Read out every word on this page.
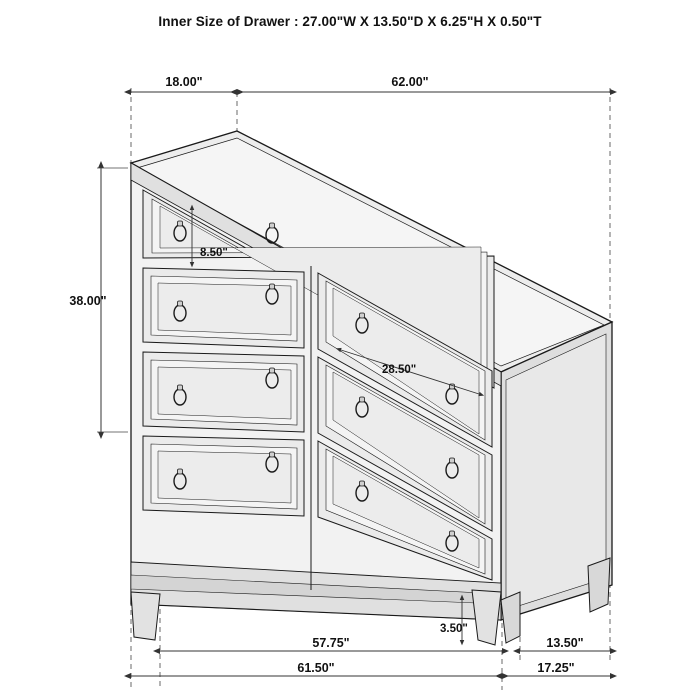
Inner Size of Drawer : 27.00"W X 13.50"D X 6.25"H X 0.50"T
18.00"	62.00"
38.00"
8.50"
28.50"
3.50"
57.75"	13.50"
61.50"	17.25"
